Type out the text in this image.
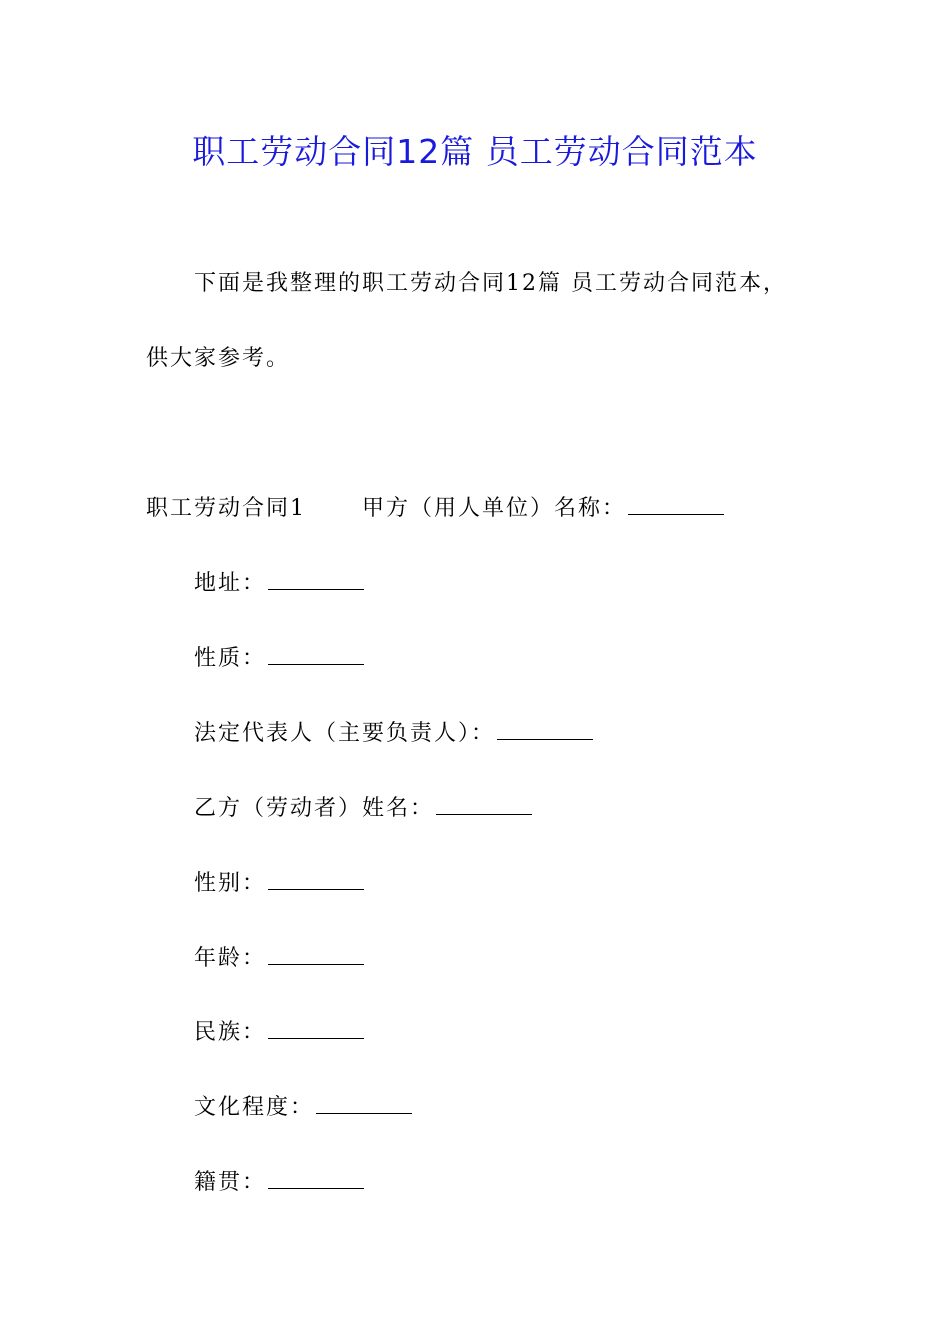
职工劳动合同12篇 员工劳动合同范本
下面是我整理的职工劳动合同12篇 员工劳动合同范本，
供大家参考。
职工劳动合同1	甲方（用人单位）名称：
地址：
性质：
法定代表人（主要负责人）：
乙方（劳动者）姓名：
性别：
年龄：
民族：
文化程度：
籍贯：
